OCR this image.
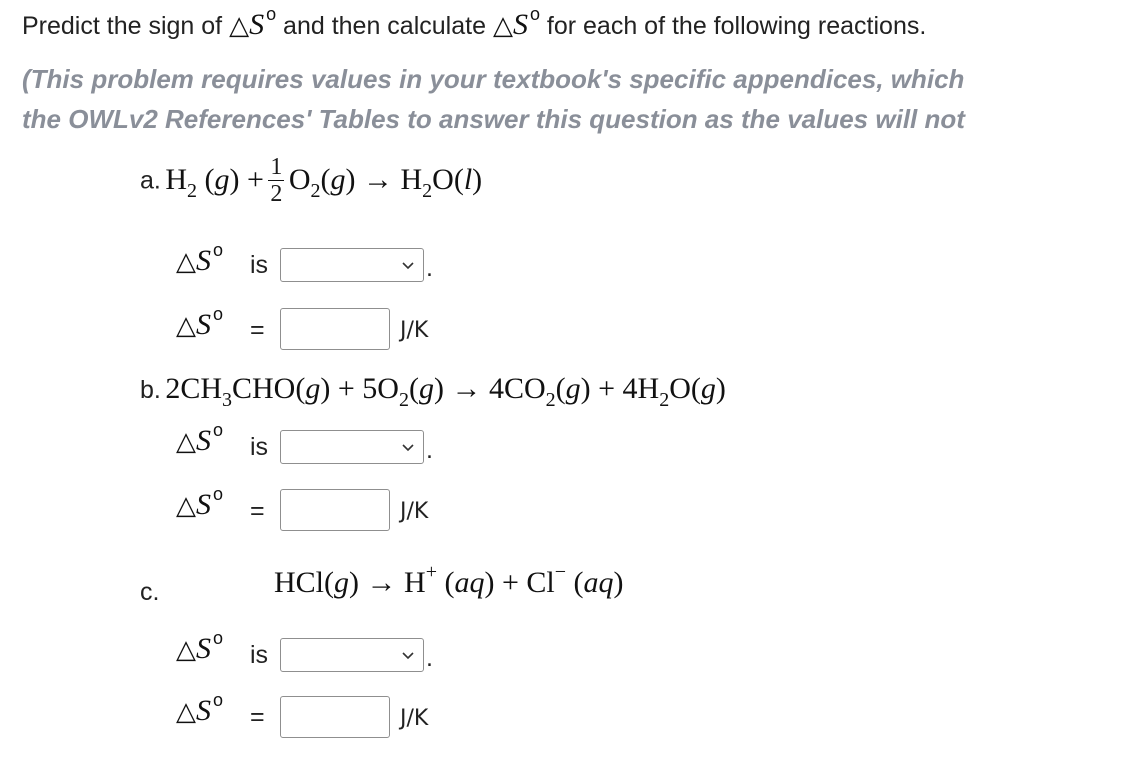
Predict the sign of △S $^o$ and then calculate △S $^o$ for each of the following reactions.
(This problem requires values in your textbook's specific appendices, which
the OWLv2 References' Tables to answer this question as the values will not
a. $H_2$ $(g) + \frac{1}{2} O_2(g) \to H_2O(l)$
△S $^o$
is	.
△S $^o$
=	J/K
b. $2CH_3CHO(g) + 5O_2(g) \to 4CO_2(g) + 4H_2O(g)$
△S $^o$
is	.
△S $^o$
=	J/K
c.	HCl(g) → H+ (aq) + Cl− (aq)
△S $^o$
is	.
△S $^o$
=	J/K
